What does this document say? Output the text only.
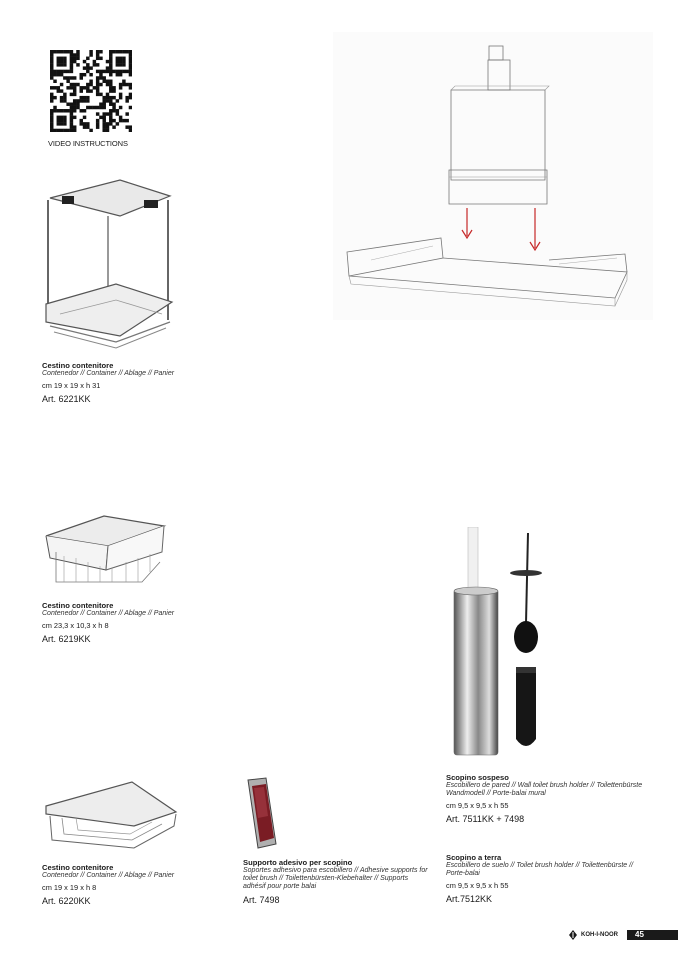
VIDEO INSTRUCTIONS
Cestino contenitore
Contenedor // Container // Ablage // Panier
cm 19 x 19 x h 31
Art. 6221KK
Cestino contenitore
Contenedor // Container // Ablage // Panier
cm 23,3 x 10,3 x h 8
Art. 6219KK
Cestino contenitore
Contenedor // Container // Ablage // Panier
cm 19 x 19 x h 8
Art. 6220KK
Supporto adesivo per scopino
Soportes adhesivo para escobillero // Adhesive supports for toilet brush // Toilettenbürsten-Klebehalter // Supports adhésif pour porte balai
Art. 7498
Scopino sospeso
Escobillero de pared // Wall toilet brush holder // Toilettenbürste Wandmodell // Porte-balai mural
cm 9,5 x 9,5 x h 55
Art. 7511KK + 7498
Scopino a terra
Escobillero de suelo // Toilet brush holder // Toilettenbürste // Porte-balai
cm 9,5 x 9,5 x h 55
Art.7512KK
KOH-I-NOOR	45
